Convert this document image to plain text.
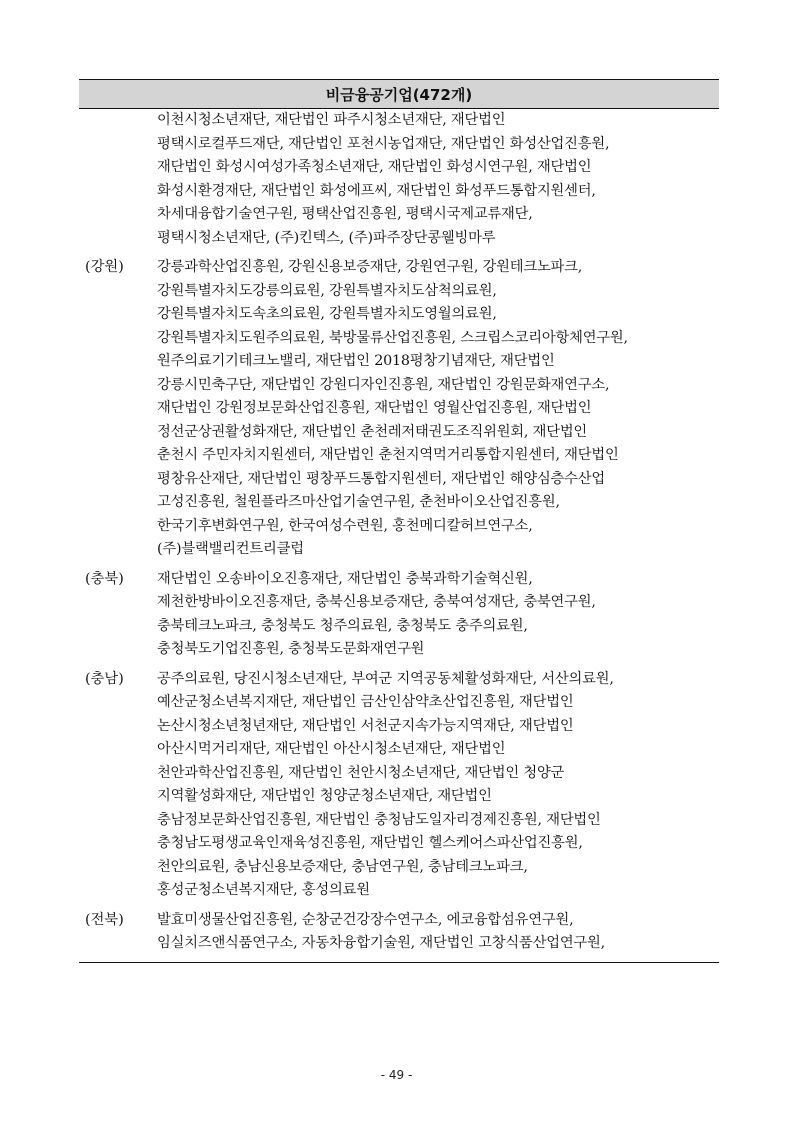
비금융공기업(472개)
이천시청소년재단, 재단법인 파주시청소년재단, 재단법인
평택시로컬푸드재단, 재단법인 포천시농업재단, 재단법인 화성산업진흥원,
재단법인 화성시여성가족청소년재단, 재단법인 화성시연구원, 재단법인
화성시환경재단, 재단법인 화성에프씨, 재단법인 화성푸드통합지원센터,
차세대융합기술연구원, 평택산업진흥원, 평택시국제교류재단,
평택시청소년재단, (주)킨텍스, (주)파주장단콩웰빙마루
(강원)	강릉과학산업진흥원, 강원신용보증재단, 강원연구원, 강원테크노파크,
강원특별자치도강릉의료원, 강원특별자치도삼척의료원,
강원특별자치도속초의료원, 강원특별자치도영월의료원,
강원특별자치도원주의료원, 북방물류산업진흥원, 스크립스코리아항체연구원,
원주의료기기테크노밸리, 재단법인 2018평창기념재단, 재단법인
강릉시민축구단, 재단법인 강원디자인진흥원, 재단법인 강원문화재연구소,
재단법인 강원정보문화산업진흥원, 재단법인 영월산업진흥원, 재단법인
정선군상권활성화재단, 재단법인 춘천레저태권도조직위원회, 재단법인
춘천시 주민자치지원센터, 재단법인 춘천지역먹거리통합지원센터, 재단법인
평창유산재단, 재단법인 평창푸드통합지원센터, 재단법인 해양심층수산업
고성진흥원, 철원플라즈마산업기술연구원, 춘천바이오산업진흥원,
한국기후변화연구원, 한국여성수련원, 홍천메디칼허브연구소,
(주)블랙밸리컨트리클럽
(충북)	재단법인 오송바이오진흥재단, 재단법인 충북과학기술혁신원,
제천한방바이오진흥재단, 충북신용보증재단, 충북여성재단, 충북연구원,
충북테크노파크, 충청북도 청주의료원, 충청북도 충주의료원,
충청북도기업진흥원, 충청북도문화재연구원
(충남)	공주의료원, 당진시청소년재단, 부여군 지역공동체활성화재단, 서산의료원,
예산군청소년복지재단, 재단법인 금산인삼약초산업진흥원, 재단법인
논산시청소년청년재단, 재단법인 서천군지속가능지역재단, 재단법인
아산시먹거리재단, 재단법인 아산시청소년재단, 재단법인
천안과학산업진흥원, 재단법인 천안시청소년재단, 재단법인 청양군
지역활성화재단, 재단법인 청양군청소년재단, 재단법인
충남정보문화산업진흥원, 재단법인 충청남도일자리경제진흥원, 재단법인
충청남도평생교육인재육성진흥원, 재단법인 헬스케어스파산업진흥원,
천안의료원, 충남신용보증재단, 충남연구원, 충남테크노파크,
홍성군청소년복지재단, 홍성의료원
(전북)	발효미생물산업진흥원, 순창군건강장수연구소, 에코융합섬유연구원,
임실치즈앤식품연구소, 자동차융합기술원, 재단법인 고창식품산업연구원,
- 49 -
